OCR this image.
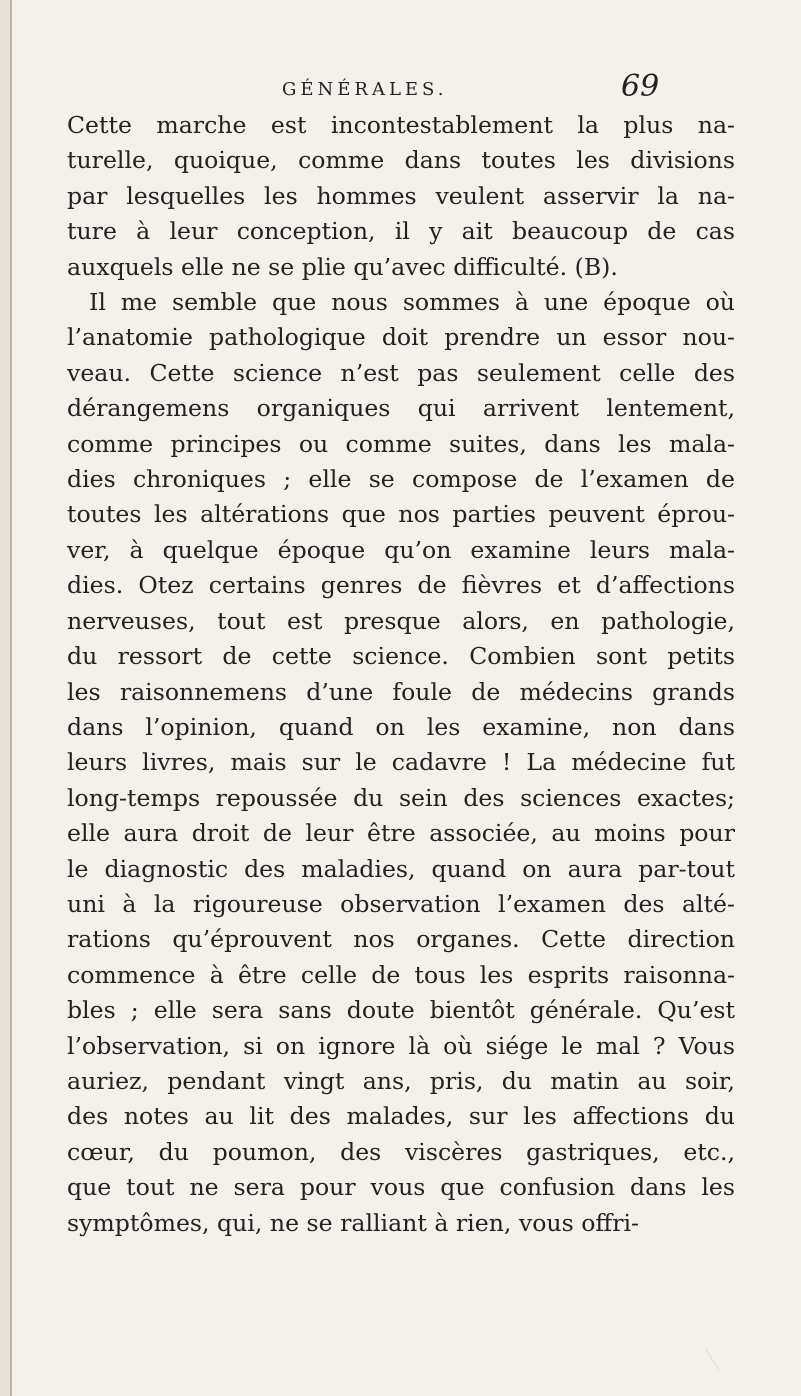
GÉNÉRALES.	69
Cette marche est incontestablement la plus na-
turelle, quoique, comme dans toutes les divisions
par lesquelles les hommes veulent asservir la na-
ture à leur conception, il y ait beaucoup de cas
auxquels elle ne se plie qu’avec difficulté. (B).
Il me semble que nous sommes à une époque où
l’anatomie pathologique doit prendre un essor nou-
veau. Cette science n’est pas seulement celle des
dérangemens organiques qui arrivent lentement,
comme principes ou comme suites, dans les mala-
dies chroniques ; elle se compose de l’examen de
toutes les altérations que nos parties peuvent éprou-
ver, à quelque époque qu’on examine leurs mala-
dies. Otez certains genres de fièvres et d’affections
nerveuses, tout est presque alors, en pathologie,
du ressort de cette science. Combien sont petits
les raisonnemens d’une foule de médecins grands
dans l’opinion, quand on les examine, non dans
leurs livres, mais sur le cadavre ! La médecine fut
long-temps repoussée du sein des sciences exactes;
elle aura droit de leur être associée, au moins pour
le diagnostic des maladies, quand on aura par-tout
uni à la rigoureuse observation l’examen des alté-
rations qu’éprouvent nos organes. Cette direction
commence à être celle de tous les esprits raisonna-
bles ; elle sera sans doute bientôt générale. Qu’est
l’observation, si on ignore là où siége le mal ? Vous
auriez, pendant vingt ans, pris, du matin au soir,
des notes au lit des malades, sur les affections du
cœur, du poumon, des viscères gastriques, etc.,
que tout ne sera pour vous que confusion dans les
symptômes, qui, ne se ralliant à rien, vous offri-
